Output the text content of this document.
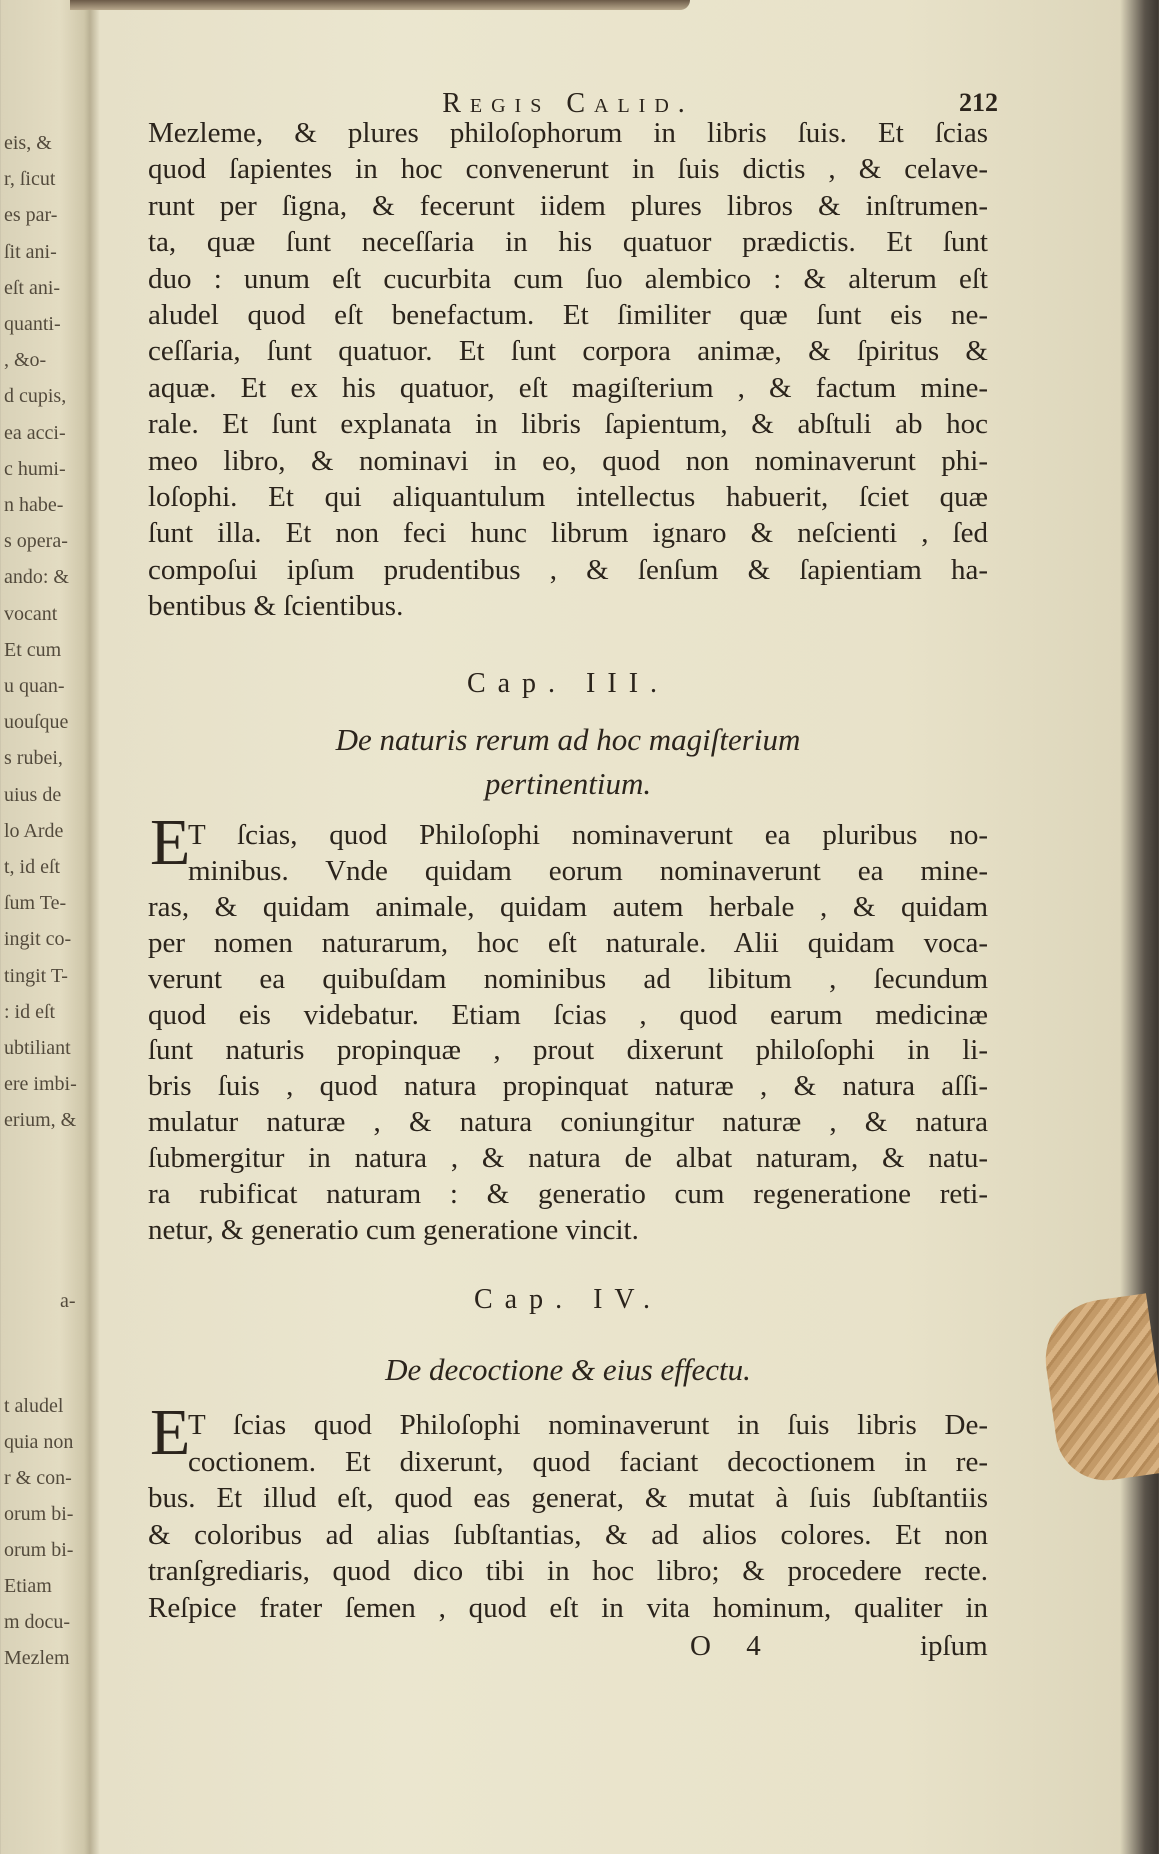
eis, &
r, ſicut
es par-
ſit ani-
eſt ani-
quanti-
, &o-
d cupis,
ea acci-
c humi-
n habe-
s opera-
ando: &
vocant
Et cum
u quan-
uouſque
s rubei,
uius de
lo Arde
t, id eſt
ſum Te-
ingit co-
tingit T-
: id eſt
ubtiliant
ere imbi-
erium, &
a-
t aludel
quia non
r & con-
orum bi-
orum bi-
Etiam
m docu-
Mezlem
Regis Calid.	212
Mezleme, & plures philoſophorum in libris ſuis. Et ſcias
quod ſapientes in hoc convenerunt in ſuis dictis , & celave-
runt per ſigna, & fecerunt iidem plures libros & inſtrumen-
ta, quæ ſunt neceſſaria in his quatuor prædictis. Et ſunt
duo : unum eſt cucurbita cum ſuo alembico : & alterum eſt
aludel quod eſt benefactum. Et ſimiliter quæ ſunt eis ne-
ceſſaria, ſunt quatuor. Et ſunt corpora animæ, & ſpiritus &
aquæ. Et ex his quatuor, eſt magiſterium , & factum mine-
rale. Et ſunt explanata in libris ſapientum, & abſtuli ab hoc
meo libro, & nominavi in eo, quod non nominaverunt phi-
loſophi. Et qui aliquantulum intellectus habuerit, ſciet quæ
ſunt illa. Et non feci hunc librum ignaro & neſcienti , ſed
compoſui ipſum prudentibus , & ſenſum & ſapientiam ha-
bentibus & ſcientibus.
Cap. III.
De naturis rerum ad hoc magiſterium
pertinentium.
E
T ſcias, quod Philoſophi nominaverunt ea pluribus no-
minibus. Vnde quidam eorum nominaverunt ea mine-
ras, & quidam animale, quidam autem herbale , & quidam
per nomen naturarum, hoc eſt naturale. Alii quidam voca-
verunt ea quibuſdam nominibus ad libitum , ſecundum
quod eis videbatur. Etiam ſcias , quod earum medicinæ
ſunt naturis propinquæ , prout dixerunt philoſophi in li-
bris ſuis , quod natura propinquat naturæ , & natura aſſi-
mulatur naturæ , & natura coniungitur naturæ , & natura
ſubmergitur in natura , & natura de albat naturam, & natu-
ra rubificat naturam : & generatio cum regeneratione reti-
netur, & generatio cum generatione vincit.
Cap. IV.
De decoctione & eius effectu.
E
T ſcias quod Philoſophi nominaverunt in ſuis libris De-
coctionem. Et dixerunt, quod faciant decoctionem in re-
bus. Et illud eſt, quod eas generat, & mutat à ſuis ſubſtantiis
& coloribus ad alias ſubſtantias, & ad alios colores. Et non
tranſgrediaris, quod dico tibi in hoc libro; & procedere recte.
Reſpice frater ſemen , quod eſt in vita hominum, qualiter in
O 4	ipſum
